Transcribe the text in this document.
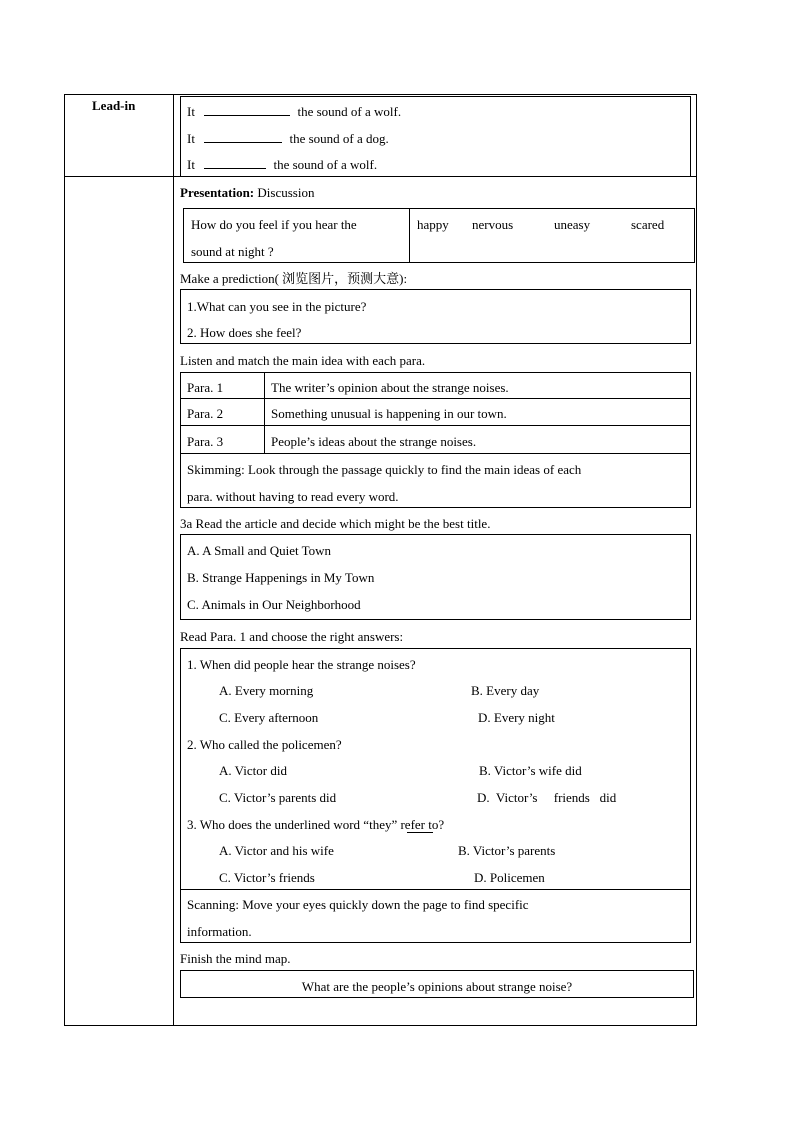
Lead-in	It	the sound of a wolf.
It	the sound of a dog.
It	the sound of a wolf.
Presentation: Discussion
How do you feel if you hear the
sound at night ?
happy nervous	uneasy	scared
Make a prediction( 浏览图片，预测大意):
1.What can you see in the picture?
2. How does she feel?
Listen and match the main idea with each para.
Para. 1	The writer’s opinion about the strange noises.
Para. 2	Something unusual is happening in our town.
Para. 3	People’s ideas about the strange noises.
Skimming: Look through the passage quickly to find the main ideas of each
para. without having to read every word.
3a Read the article and decide which might be the best title.
A. A Small and Quiet Town
B. Strange Happenings in My Town
C. Animals in Our Neighborhood
Read Para. 1 and choose the right answers:
1. When did people hear the strange noises?
A. Every morning	B. Every day
C. Every afternoon	D. Every night
2. Who called the policemen?
A. Victor did	B. Victor’s wife did
C. Victor’s parents did	D.  Victor’s     friends   did
3. Who does the underlined word “they” refer to?
A. Victor and his wife	B. Victor’s parents
C. Victor’s friends	D. Policemen
Scanning: Move your eyes quickly down the page to find specific
information.
Finish the mind map.
What are the people’s opinions about strange noise?
